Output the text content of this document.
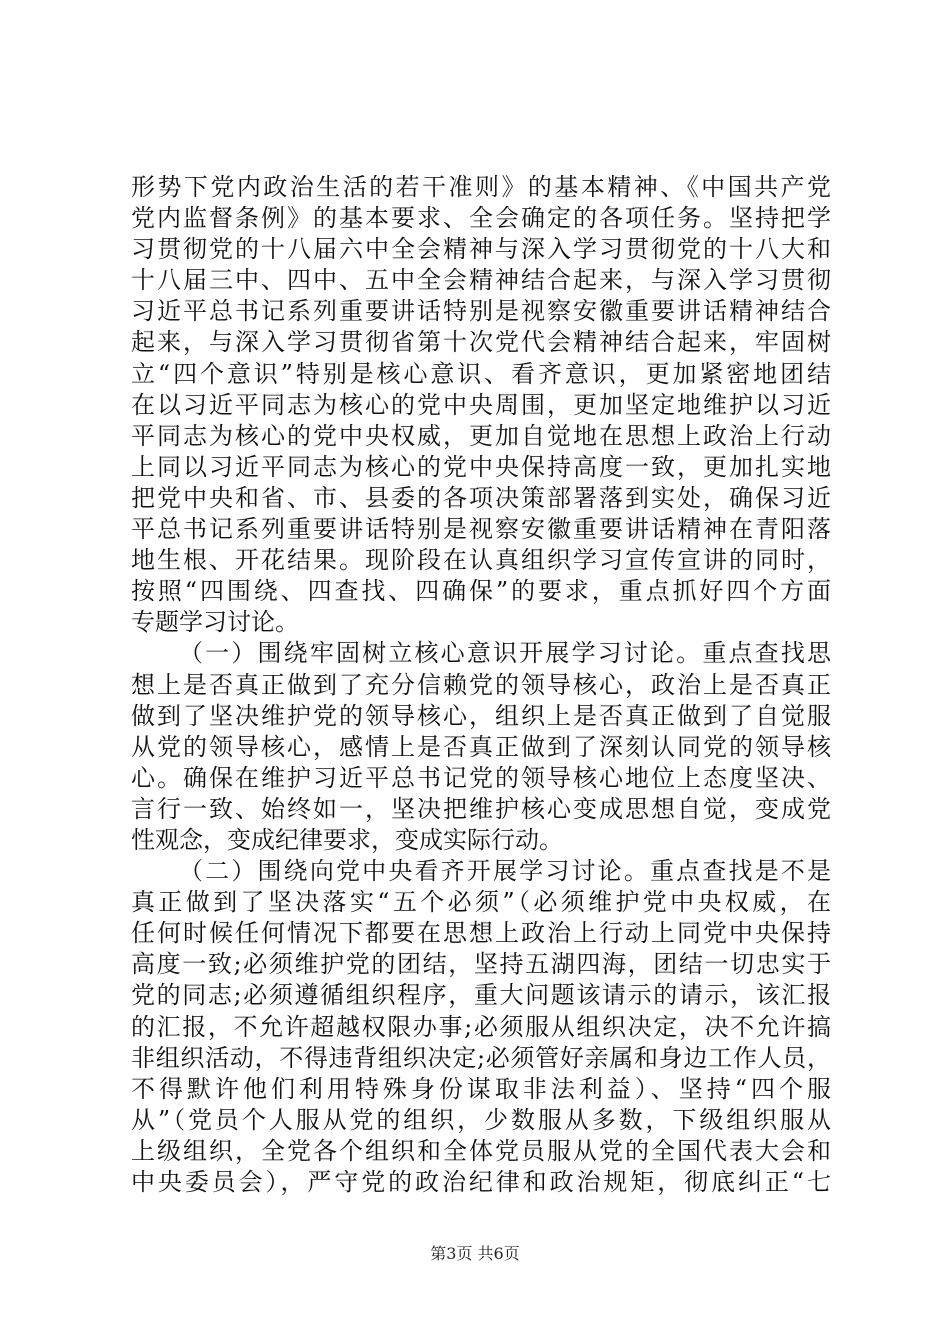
形势下党内政治生活的若干准则》的基本精神、《中国共产党
党内监督条例》的基本要求、全会确定的各项任务。坚持把学
习贯彻党的十八届六中全会精神与深入学习贯彻党的十八大和
十八届三中、四中、五中全会精神结合起来，与深入学习贯彻
习近平总书记系列重要讲话特别是视察安徽重要讲话精神结合
起来，与深入学习贯彻省第十次党代会精神结合起来，牢固树
立“四个意识”特别是核心意识、看齐意识，更加紧密地团结
在以习近平同志为核心的党中央周围，更加坚定地维护以习近
平同志为核心的党中央权威，更加自觉地在思想上政治上行动
上同以习近平同志为核心的党中央保持高度一致，更加扎实地
把党中央和省、市、县委的各项决策部署落到实处，确保习近
平总书记系列重要讲话特别是视察安徽重要讲话精神在青阳落
地生根、开花结果。现阶段在认真组织学习宣传宣讲的同时，
按照“四围绕、四查找、四确保”的要求，重点抓好四个方面
专题学习讨论。
（一）围绕牢固树立核心意识开展学习讨论。重点查找思
想上是否真正做到了充分信赖党的领导核心，政治上是否真正
做到了坚决维护党的领导核心，组织上是否真正做到了自觉服
从党的领导核心，感情上是否真正做到了深刻认同党的领导核
心。确保在维护习近平总书记党的领导核心地位上态度坚决、
言行一致、始终如一，坚决把维护核心变成思想自觉，变成党
性观念，变成纪律要求，变成实际行动。
（二）围绕向党中央看齐开展学习讨论。重点查找是不是
真正做到了坚决落实“五个必须”（必须维护党中央权威，在
任何时候任何情况下都要在思想上政治上行动上同党中央保持
高度一致;必须维护党的团结，坚持五湖四海，团结一切忠实于
党的同志;必须遵循组织程序，重大问题该请示的请示，该汇报
的汇报，不允许超越权限办事;必须服从组织决定，决不允许搞
非组织活动，不得违背组织决定;必须管好亲属和身边工作人员，
不得默许他们利用特殊身份谋取非法利益）、坚持“四个服
从”（党员个人服从党的组织，少数服从多数，下级组织服从
上级组织，全党各个组织和全体党员服从党的全国代表大会和
中央委员会），严守党的政治纪律和政治规矩，彻底纠正“七
第3页 共6页
